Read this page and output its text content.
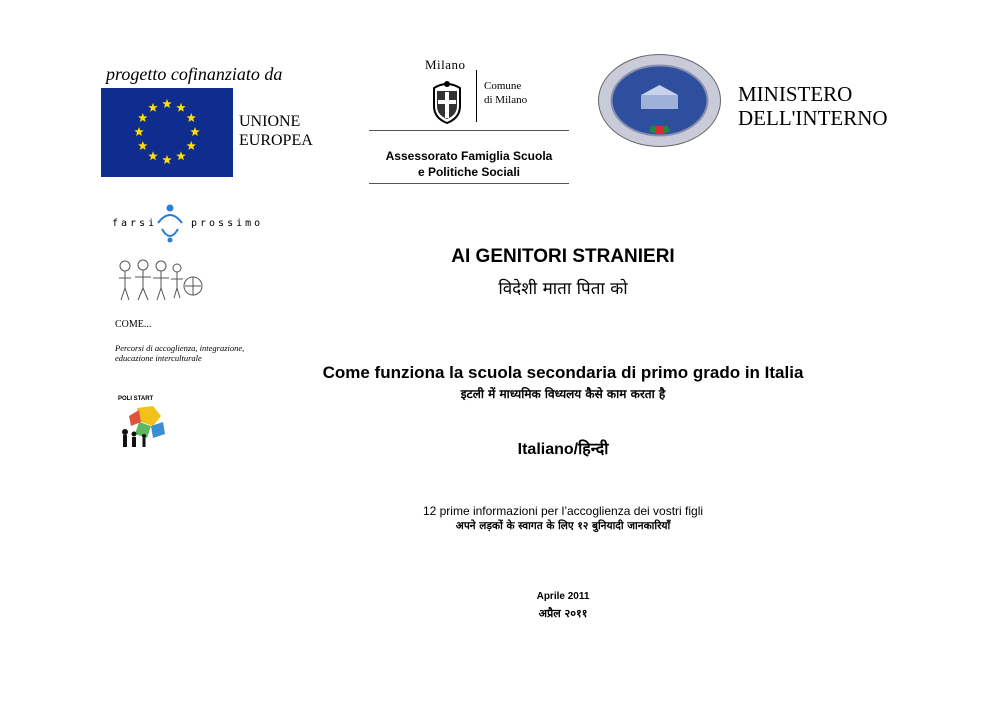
progetto cofinanziato da
UNIONE
EUROPEA
Milano
Comune
di Milano
Assessorato Famiglia Scuola
e Politiche Sociali
MINISTERO
DELL'INTERNO
farsi	prossimo
COME...
Percorsi di accoglienza, integrazione, educazione interculturale
POLI START
AI GENITORI STRANIERI
विदेशी माता पिता को
Come funziona la scuola secondaria di primo grado in Italia
इटली में माध्यमिक विध्यलय कैसे काम करता है
Italiano/हिन्दी
12 prime informazioni per l’accoglienza dei vostri figli
अपने लड़कों के स्वागत के लिए १२ बुनियादी जानकारियाँ
Aprile 2011
अप्रैल २०११
